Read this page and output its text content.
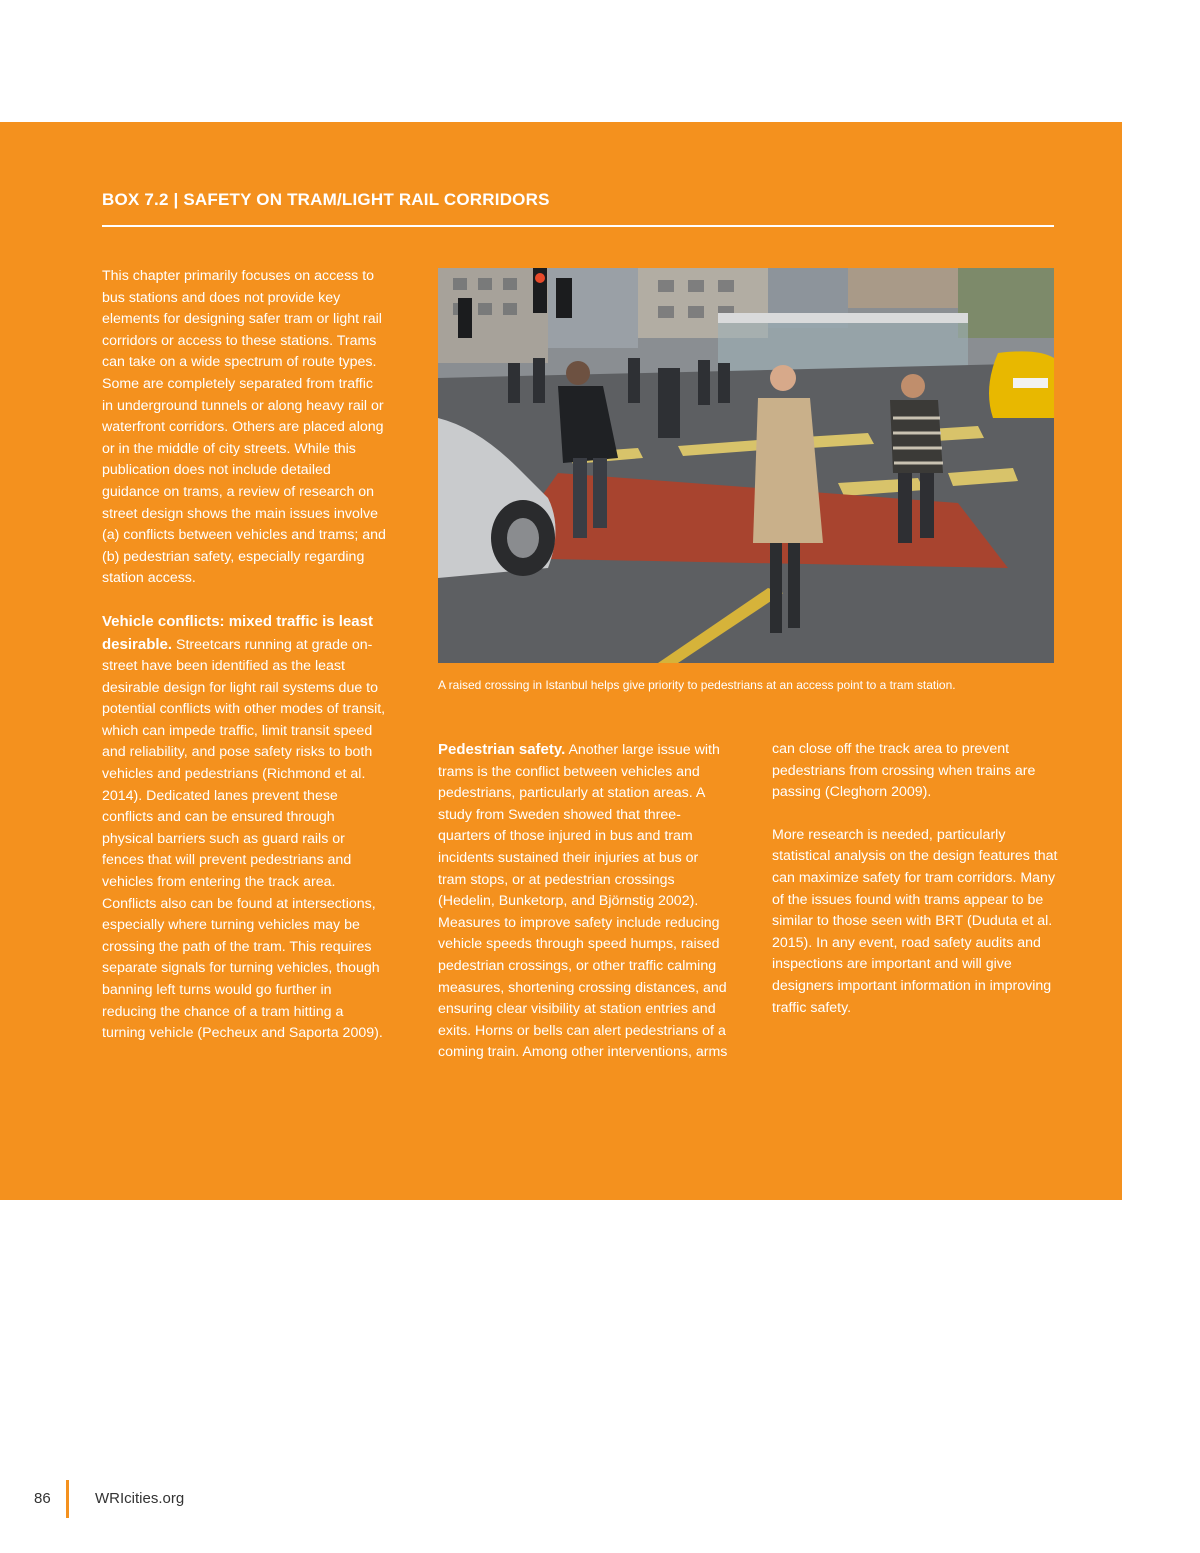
BOX 7.2 | SAFETY ON TRAM/LIGHT RAIL CORRIDORS

This chapter primarily focuses on access to bus stations and does not provide key elements for designing safer tram or light rail corridors or access to these stations. Trams can take on a wide spectrum of route types. Some are completely separated from traffic in underground tunnels or along heavy rail or waterfront corridors. Others are placed along or in the middle of city streets. While this publication does not include detailed guidance on trams, a review of research on street design shows the main issues involve (a) conflicts between vehicles and trams; and (b) pedestrian safety, especially regarding station access.

Vehicle conflicts: mixed traffic is least desirable. Streetcars running at grade on-street have been identified as the least desirable design for light rail systems due to potential conflicts with other modes of transit, which can impede traffic, limit transit speed and reliability, and pose safety risks to both vehicles and pedestrians (Richmond et al. 2014). Dedicated lanes prevent these conflicts and can be ensured through physical barriers such as guard rails or fences that will prevent pedestrians and vehicles from entering the track area. Conflicts also can be found at intersections, especially where turning vehicles may be crossing the path of the tram. This requires separate signals for turning vehicles, though banning left turns would go further in reducing the chance of a tram hitting a turning vehicle (Pecheux and Saporta 2009).

A raised crossing in Istanbul helps give priority to pedestrians at an access point to a tram station.

Pedestrian safety. Another large issue with trams is the conflict between vehicles and pedestrians, particularly at station areas. A study from Sweden showed that three-quarters of those injured in bus and tram incidents sustained their injuries at bus or tram stops, or at pedestrian crossings (Hedelin, Bunketorp, and Björnstig 2002). Measures to improve safety include reducing vehicle speeds through speed humps, raised pedestrian crossings, or other traffic calming measures, shortening crossing distances, and ensuring clear visibility at station entries and exits. Horns or bells can alert pedestrians of a coming train. Among other interventions, arms

can close off the track area to prevent pedestrians from crossing when trains are passing (Cleghorn 2009).

More research is needed, particularly statistical analysis on the design features that can maximize safety for tram corridors. Many of the issues found with trams appear to be similar to those seen with BRT (Duduta et al. 2015). In any event, road safety audits and inspections are important and will give designers important information in improving traffic safety.

86	WRIcities.org
